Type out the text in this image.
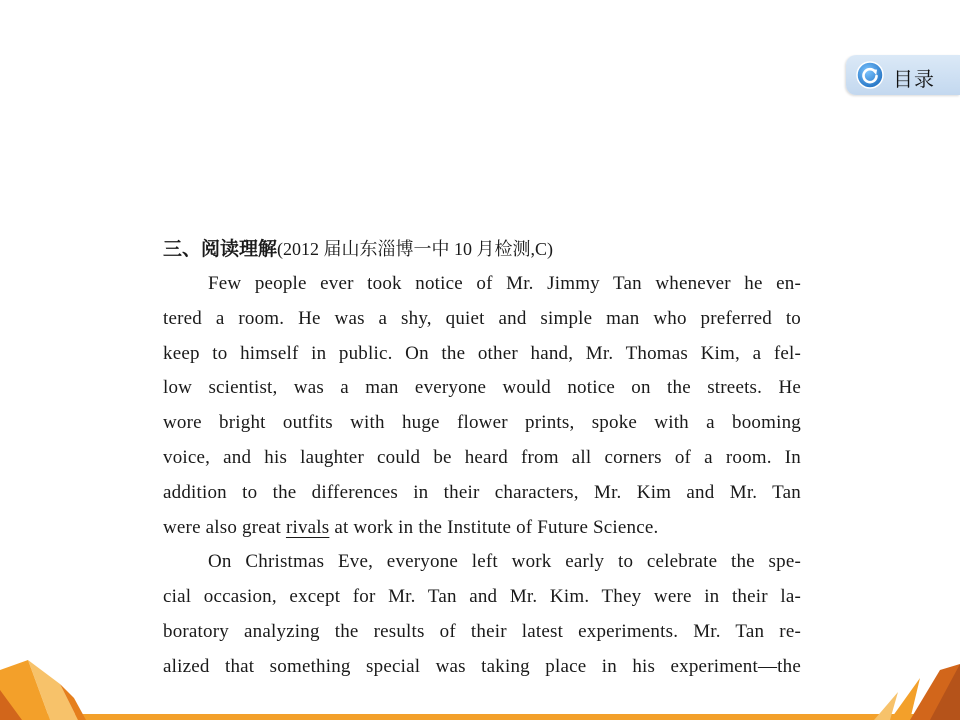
目录
三、阅读理解(2012 届山东淄博一中 10 月检测,C)
Few people ever took notice of Mr. Jimmy Tan whenever he en-
tered a room. He was a shy, quiet and simple man who preferred to
keep to himself in public. On the other hand, Mr. Thomas Kim, a fel-
low scientist, was a man everyone would notice on the streets. He
wore bright outfits with huge flower prints, spoke with a booming
voice, and his laughter could be heard from all corners of a room. In
addition to the differences in their characters, Mr. Kim and Mr. Tan
were also great rivals at work in the Institute of Future Science.
On Christmas Eve, everyone left work early to celebrate the spe-
cial occasion, except for Mr. Tan and Mr. Kim. They were in their la-
boratory analyzing the results of their latest experiments. Mr. Tan re-
alized that something special was taking place in his experiment—the
